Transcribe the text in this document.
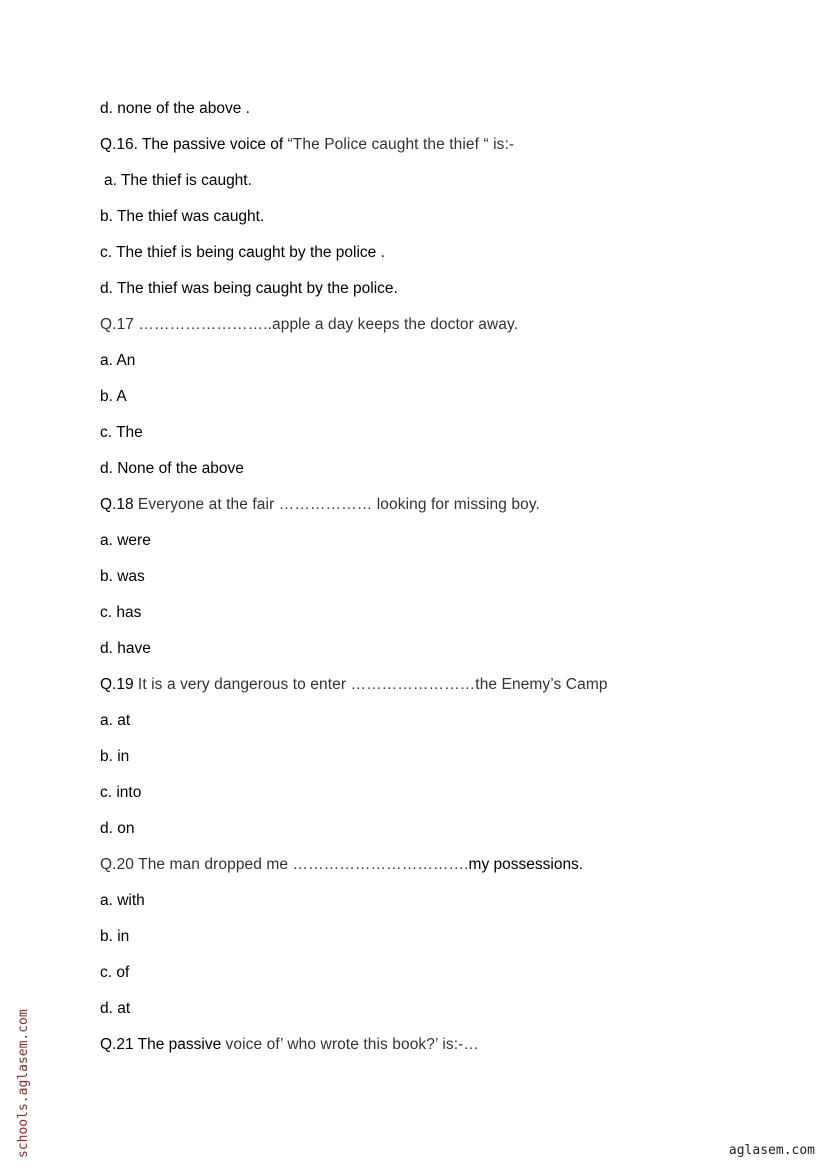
d. none of the above .
Q.16. The passive voice of “The Police caught the thief “ is:-
a. The thief is caught.
b. The thief was caught.
c. The thief is being caught by the police .
d. The thief was being caught by the police.
Q.17 ……………………..apple a day keeps the doctor away.
a. An
b. A
c. The
d. None of the above
Q.18 Everyone at the fair ……………… looking for missing boy.
a. were
b. was
c. has
d. have
Q.19 It is a very dangerous to enter ……………………the Enemy’s Camp
a. at
b. in
c. into
d. on
Q.20 The man dropped me …………………………….my possessions.
a. with
b. in
c. of
d. at
Q.21 The passive voice of’ who wrote this book?’ is:-…
schools.aglasem.com	aglasem.com
